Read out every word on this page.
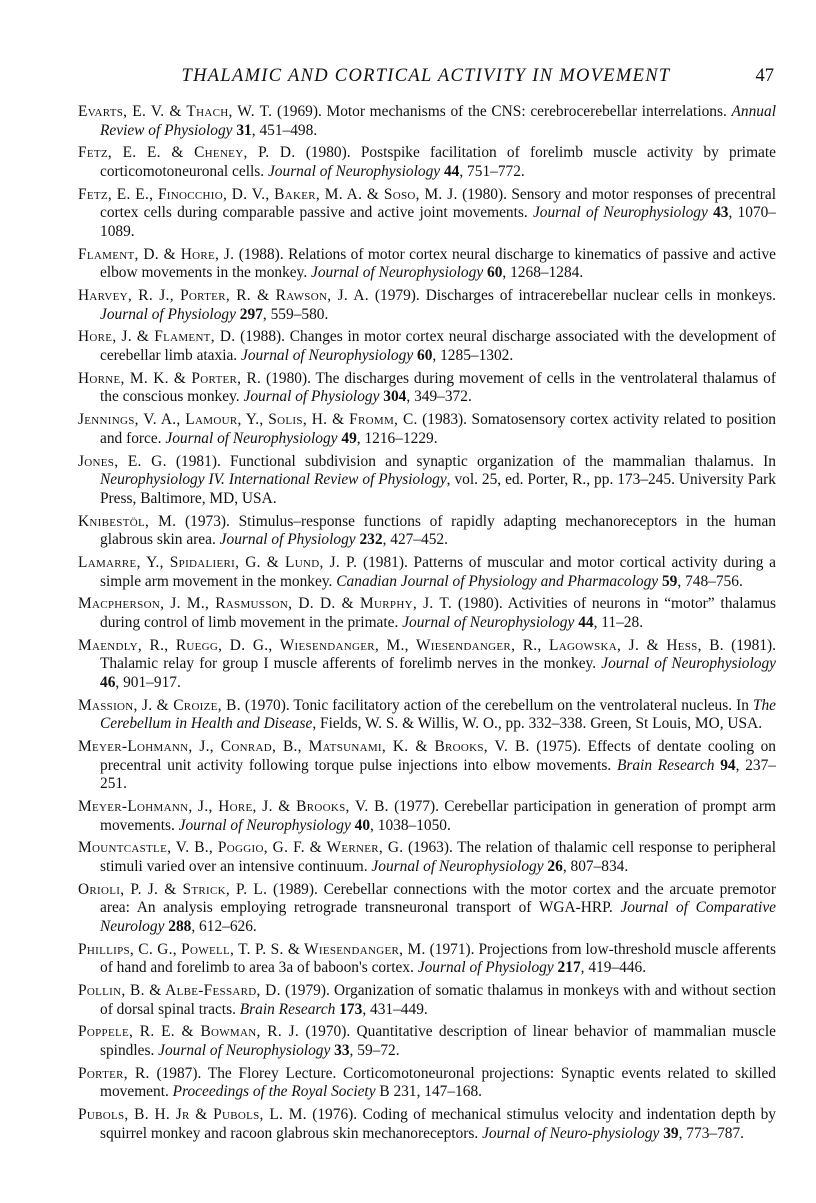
THALAMIC AND CORTICAL ACTIVITY IN MOVEMENT	47

Evarts, E. V. & Thach, W. T. (1969). Motor mechanisms of the CNS: cerebrocerebellar interrelations. Annual Review of Physiology 31, 451–498.

Fetz, E. E. & Cheney, P. D. (1980). Postspike facilitation of forelimb muscle activity by primate corticomotoneuronal cells. Journal of Neurophysiology 44, 751–772.

Fetz, E. E., Finocchio, D. V., Baker, M. A. & Soso, M. J. (1980). Sensory and motor responses of precentral cortex cells during comparable passive and active joint movements. Journal of Neurophysiology 43, 1070–1089.

Flament, D. & Hore, J. (1988). Relations of motor cortex neural discharge to kinematics of passive and active elbow movements in the monkey. Journal of Neurophysiology 60, 1268–1284.

Harvey, R. J., Porter, R. & Rawson, J. A. (1979). Discharges of intracerebellar nuclear cells in monkeys. Journal of Physiology 297, 559–580.

Hore, J. & Flament, D. (1988). Changes in motor cortex neural discharge associated with the development of cerebellar limb ataxia. Journal of Neurophysiology 60, 1285–1302.

Horne, M. K. & Porter, R. (1980). The discharges during movement of cells in the ventrolateral thalamus of the conscious monkey. Journal of Physiology 304, 349–372.

Jennings, V. A., Lamour, Y., Solis, H. & Fromm, C. (1983). Somatosensory cortex activity related to position and force. Journal of Neurophysiology 49, 1216–1229.

Jones, E. G. (1981). Functional subdivision and synaptic organization of the mammalian thalamus. In Neurophysiology IV. International Review of Physiology, vol. 25, ed. Porter, R., pp. 173–245. University Park Press, Baltimore, MD, USA.

Knibestöl, M. (1973). Stimulus–response functions of rapidly adapting mechanoreceptors in the human glabrous skin area. Journal of Physiology 232, 427–452.

Lamarre, Y., Spidalieri, G. & Lund, J. P. (1981). Patterns of muscular and motor cortical activity during a simple arm movement in the monkey. Canadian Journal of Physiology and Pharmacology 59, 748–756.

Macpherson, J. M., Rasmusson, D. D. & Murphy, J. T. (1980). Activities of neurons in “motor” thalamus during control of limb movement in the primate. Journal of Neurophysiology 44, 11–28.

Maendly, R., Ruegg, D. G., Wiesendanger, M., Wiesendanger, R., Lagowska, J. & Hess, B. (1981). Thalamic relay for group I muscle afferents of forelimb nerves in the monkey. Journal of Neurophysiology 46, 901–917.

Massion, J. & Croize, B. (1970). Tonic facilitatory action of the cerebellum on the ventrolateral nucleus. In The Cerebellum in Health and Disease, Fields, W. S. & Willis, W. O., pp. 332–338. Green, St Louis, MO, USA.

Meyer-Lohmann, J., Conrad, B., Matsunami, K. & Brooks, V. B. (1975). Effects of dentate cooling on precentral unit activity following torque pulse injections into elbow movements. Brain Research 94, 237–251.

Meyer-Lohmann, J., Hore, J. & Brooks, V. B. (1977). Cerebellar participation in generation of prompt arm movements. Journal of Neurophysiology 40, 1038–1050.

Mountcastle, V. B., Poggio, G. F. & Werner, G. (1963). The relation of thalamic cell response to peripheral stimuli varied over an intensive continuum. Journal of Neurophysiology 26, 807–834.

Orioli, P. J. & Strick, P. L. (1989). Cerebellar connections with the motor cortex and the arcuate premotor area: An analysis employing retrograde transneuronal transport of WGA-HRP. Journal of Comparative Neurology 288, 612–626.

Phillips, C. G., Powell, T. P. S. & Wiesendanger, M. (1971). Projections from low-threshold muscle afferents of hand and forelimb to area 3a of baboon's cortex. Journal of Physiology 217, 419–446.

Pollin, B. & Albe-Fessard, D. (1979). Organization of somatic thalamus in monkeys with and without section of dorsal spinal tracts. Brain Research 173, 431–449.

Poppele, R. E. & Bowman, R. J. (1970). Quantitative description of linear behavior of mammalian muscle spindles. Journal of Neurophysiology 33, 59–72.

Porter, R. (1987). The Florey Lecture. Corticomotoneuronal projections: Synaptic events related to skilled movement. Proceedings of the Royal Society B 231, 147–168.

Pubols, B. H. Jr & Pubols, L. M. (1976). Coding of mechanical stimulus velocity and indentation depth by squirrel monkey and racoon glabrous skin mechanoreceptors. Journal of Neuro-physiology 39, 773–787.
